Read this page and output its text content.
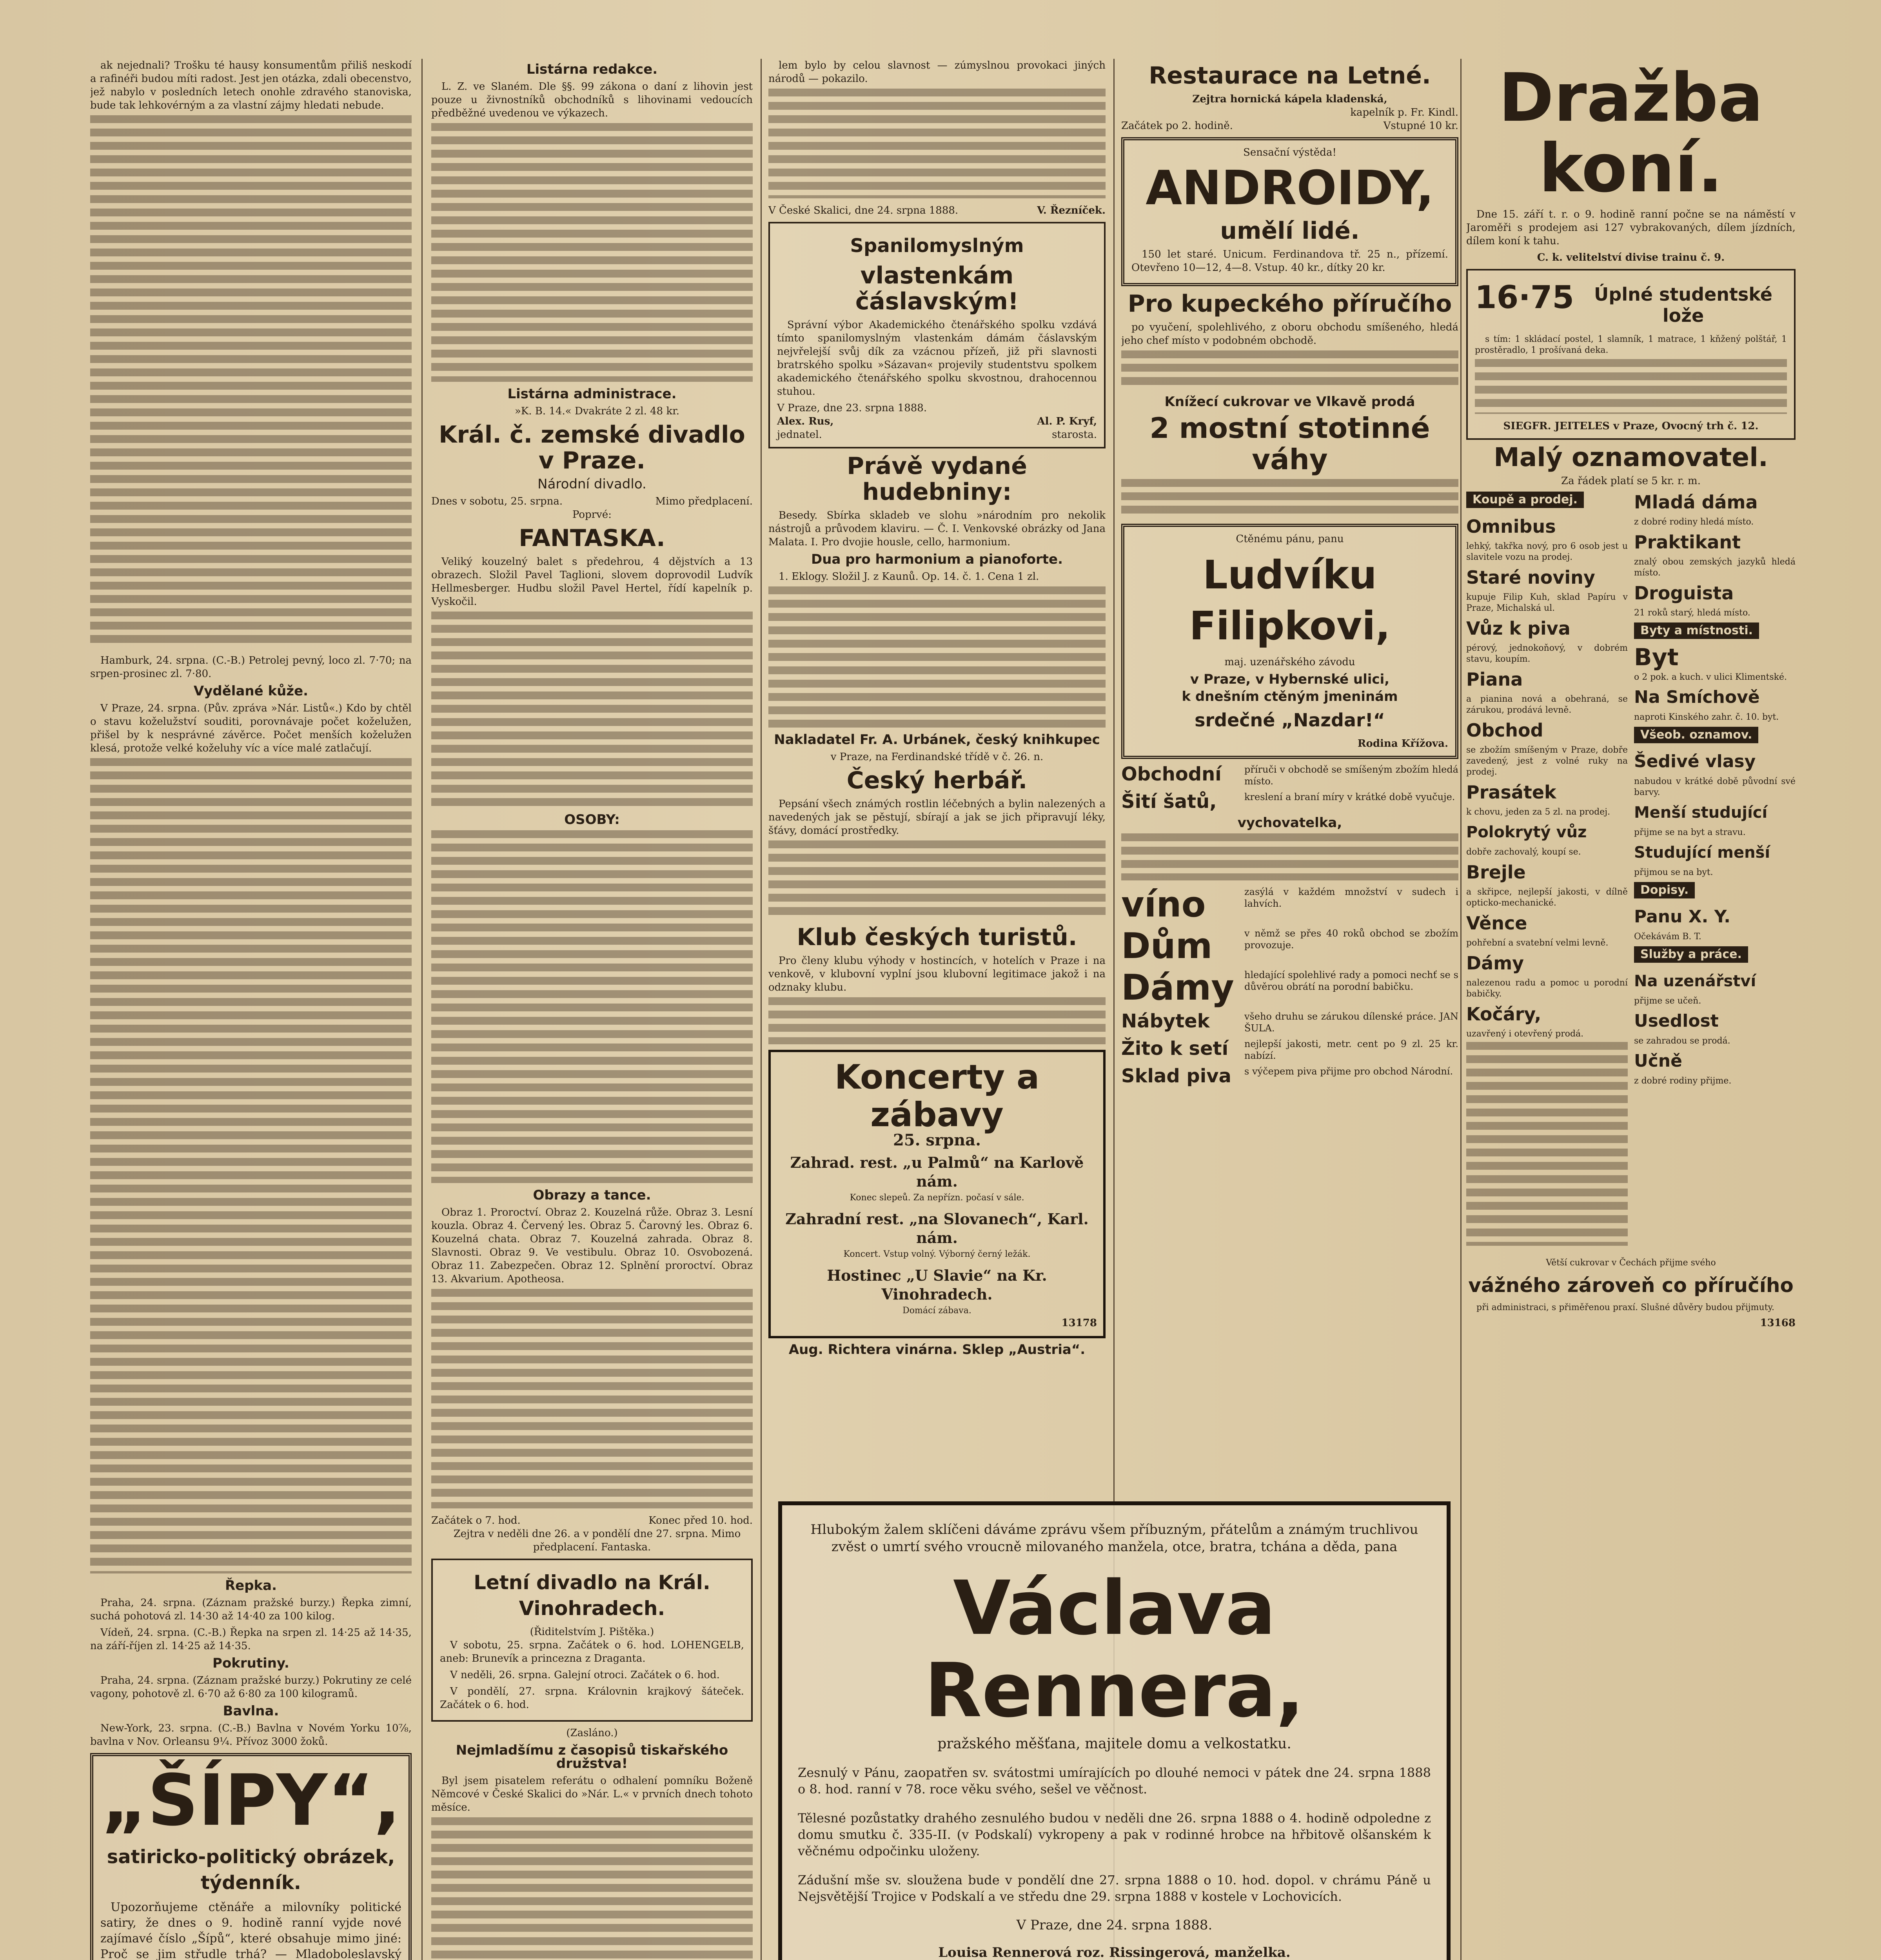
ak nejednali? Trošku té hausy konsumentům přiliš neskodí a rafinéři budou míti radost. Jest jen otázka, zdali obecenstvo, jež nabylo v posledních letech onohle zdravého stanoviska, bude tak lehkovérným a za vlastní zájmy hledati nebude.

Hamburk, 24. srpna. (C.-B.) Petrolej pevný, loco zl. 7·70; na srpen-prosinec zl. 7·80.

Vydělané kůže.

V Praze, 24. srpna. (Pův. zpráva »Nár. Listů«.) Kdo by chtěl o stavu koželužství souditi, porovnávaje počet koželužen, přišel by k nesprávné závěrce. Počet menších koželužen klesá, protože velké koželuhy víc a více malé zatlačují.

Řepka.

Praha, 24. srpna. (Záznam pražské burzy.) Řepka zimní, suchá pohotová zl. 14·30 až 14·40 za 100 kilog.

Vídeň, 24. srpna. (C.-B.) Řepka na srpen zl. 14·25 až 14·35, na září-říjen zl. 14·25 až 14·35.

Pokrutiny.

Praha, 24. srpna. (Záznam pražské burzy.) Pokrutiny ze celé vagony, pohotově zl. 6·70 až 6·80 za 100 kilogramů.

Bavlna.

New-York, 23. srpna. (C.-B.) Bavlna v Novém Yorku 10⅞, bavlna v Nov. Orleansu 9¼. Přívoz 3000 žoků.

„ŠÍPY“,
satiricko-politický obrázek, týdenník.

Upozorňujeme ctěnáře a milovníky politické satiry, že dnes o 9. hodině ranní vyjde nové zajímavé číslo „Šípů“, které obsahuje mimo jiné: Proč se jim střudle trhá? — Mladoboleslavský

Listárna redakce.

L. Z. ve Slaném. Dle §§. 99 zákona o daní z lihovin jest pouze u živnostníků obchodníků s lihovinami vedoucích předběžné uvedenou ve výkazech.

Listárna administrace.

»K. B. 14.« Dvakráte 2 zl. 48 kr.

Král. č. zemské divadlo v Praze.
Národní divadlo.
Dnes v sobotu, 25. srpna.	Mimo předplacení.
Poprvé:
FANTASKA.

Veliký kouzelný balet s předehrou, 4 dějstvích a 13 obrazech. Složil Pavel Taglioni, slovem doprovodil Ludvík Hellmesberger. Hudbu složil Pavel Hertel, řídí kapelník p. Vyskočil.

OSOBY:
Obrazy a tance.

Obraz 1. Proroctví. Obraz 2. Kouzelná růže. Obraz 3. Lesní kouzla. Obraz 4. Červený les. Obraz 5. Čarovný les. Obraz 6. Kouzelná chata. Obraz 7. Kouzelná zahrada. Obraz 8. Slavnosti. Obraz 9. Ve vestibulu. Obraz 10. Osvobozená. Obraz 11. Zabezpečen. Obraz 12. Splnění proroctví. Obraz 13. Akvarium. Apotheosa.

Začátek o 7. hod.	Konec před 10. hod.

Zejtra v neděli dne 26. a v pondělí dne 27. srpna. Mimo předplacení. Fantaska.

Letní divadlo na Král. Vinohradech.
(Řiditelstvím J. Pištěka.)

V sobotu, 25. srpna. Začátek o 6. hod. LOHENGELB, aneb: Brunevík a princezna z Draganta.

V neděli, 26. srpna. Galejní otroci. Začátek o 6. hod.

V pondělí, 27. srpna. Královnin krajkový šáteček. Začátek o 6. hod.

(Zasláno.)
Nejmladšímu z časopisů tiskařského družstva!

Byl jsem pisatelem referátu o odhalení pomníku Boženě Němcové v České Skalici do »Nár. L.« v prvních dnech tohoto měsíce.

lem bylo by celou slavnost — zúmyslnou provokaci jiných národů — pokazilo.

V České Skalici, dne 24. srpna 1888.	V. Řezníček.
Spanilomyslným
vlastenkám čáslavským!

Správní výbor Akademického čtenářského spolku vzdává tímto spanilomyslným vlastenkám dámám čáslavským nejvřelejší svůj dík za vzácnou přízeň, již při slavnosti bratrského spolku »Sázavan« projevily studentstvu spolkem akademického čtenářského spolku skvostnou, drahocennou stuhou.

V Praze, dne 23. srpna 1888.
Alex. Rus,	Al. P. Kryf,
jednatel.	starosta.
Právě vydané hudebniny:

Besedy. Sbírka skladeb ve slohu »národním pro nekolik nástrojů a průvodem klaviru. — Č. I. Venkovské obrázky od Jana Malata. I. Pro dvojie housle, cello, harmonium.

Dua pro harmonium a pianoforte.

1. Eklogy. Složil J. z Kaunů. Op. 14. č. 1. Cena 1 zl.

Nakladatel Fr. A. Urbánek, český knihkupec
v Praze, na Ferdinandské třídě v č. 26. n.
Český herbář.

Pepsání všech známých rostlin léčebných a bylin nalezených a navedených jak se pěstují, sbírají a jak se jich připravují léky, šťávy, domácí prostředky.

Klub českých turistů.

Pro členy klubu výhody v hostincích, v hotelích v Praze i na venkově, v klubovní vyplní jsou klubovní legitimace jakož i na odznaky klubu.

Koncerty a zábavy
25. srpna.
Zahrad. rest. „u Palmů“ na Karlově nám.
Konec slepeů. Za nepřízn. počasí v sále.
Zahradní rest. „na Slovanech“, Karl. nám.
Koncert. Vstup volný. Výborný černý ležák.
Hostinec „U Slavie“ na Kr. Vinohradech.
Domácí zábava.
13178
Aug. Richtera vinárna. Sklep „Austria“.
Restaurace na Letné.
Zejtra hornická kápela kladenská,
kapelník p. Fr. Kindl.
Začátek po 2. hodině.	Vstupné 10 kr.
Sensační výstěda!
ANDROIDY,
umělí lidé.

150 let staré. Unicum. Ferdinandova tř. 25 n., přízemí. Otevřeno 10—12, 4—8. Vstup. 40 kr., dítky 20 kr.

Pro kupeckého příručího

po vyučení, spolehlivého, z oboru obchodu smíšeného, hledá jeho chef místo v podobném obchodě.

Knížecí cukrovar ve Vlkavě prodá
2 mostní stotinné váhy
Ctěnému pánu, panu
Ludvíku Filipkovi,
maj. uzenářského závodu
v Praze, v Hybernské ulici,
k dnešním ctěným jmeninám
srdečné „Nazdar!“
Rodina Křížova.
Obchodní	příruči v obchodě se smíšeným zbožím hledá místo.
Šití šatů,	kreslení a braní míry v krátké době vyučuje.
vychovatelka,
víno	zasýlá v každém množství v sudech i lahvích.
Dům	v němž se přes 40 roků obchod se zbožím provozuje.
Dámy	hledající spolehlivé rady a pomoci nechť se s důvěrou obrátí na porodní babičku.
Nábytek	všeho druhu se zárukou dílenské práce. JAN ŠULA.
Žito k setí	nejlepší jakosti, metr. cent po 9 zl. 25 kr. nabízí.
Sklad piva	s výčepem piva přijme pro obchod Národní.
Dražba koní.

Dne 15. září t. r. o 9. hodině ranní počne se na náměstí v Jaroměři s prodejem asi 127 vybrakovaných, dílem jízdních, dílem koní k tahu.

C. k. velitelství divise trainu č. 9.
16·75	Úplné studentské lože

s tím: 1 skládací postel, 1 slamník, 1 matrace, 1 kňžený polštář, 1 prostěradlo, 1 prošívaná deka.

SIEGFR. JEITELES v Praze, Ovocný trh č. 12.
Malý oznamovatel.
Za řádek platí se 5 kr. r. m.
Koupě a prodej.
Omnibus
lehký, takřka nový, pro 6 osob jest u slavitele vozu na prodej.
Staré noviny
kupuje Filip Kuh, sklad Papíru v Praze, Michalská ul.
Vůz k piva
pérový, jednokoňový, v dobrém stavu, koupím.
Piana
a pianina nová a obehraná, se zárukou, prodává levně.
Obchod
se zbožím smíšeným v Praze, dobře zavedený, jest z volné ruky na prodej.
Prasátek
k chovu, jeden za 5 zl. na prodej.
Polokrytý vůz
dobře zachovalý, koupí se.
Brejle
a skřipce, nejlepší jakosti, v dílně opticko-mechanické.
Věnce
pohřební a svatební velmi levně.
Dámy
nalezenou radu a pomoc u porodní babičky.
Kočáry,
uzavřený i otevřený prodá.
Mladá dáma
z dobré rodiny hledá místo.
Praktikant
znalý obou zemských jazyků hledá místo.
Droguista
21 roků starý, hledá místo.
Byty a místnosti.
Byt
o 2 pok. a kuch. v ulici Klimentské.
Na Smíchově
naproti Kinského zahr. č. 10. byt.
Všeob. oznamov.
Šedivé vlasy
nabudou v krátké době původní své barvy.
Menší studující
přijme se na byt a stravu.
Studující menší
přijmou se na byt.
Dopisy.
Panu X. Y.
Očekávám B. T.
Služby a práce.
Na uzenářství
přijme se učeň.
Usedlost
se zahradou se prodá.
Učně
z dobré rodiny přijme.
Větší cukrovar v Čechách přijme svého
vážného zároveň co příručího

při administraci, s přiměřenou praxí. Slušné důvěry budou přijmuty.

13168
Hlubokým žalem sklíčeni dáváme zprávu všem příbuzným, přátelům a známým truchlivou zvěst o umrtí svého vroucně milovaného manžela, otce, bratra, tchána a děda, pana
Václava Rennera,
pražského měšťana, majitele domu a velkostatku.

Zesnulý v Pánu, zaopatřen sv. svátostmi umírajících po dlouhé nemoci v pátek dne 24. srpna 1888 o 8. hod. ranní v 78. roce věku svého, sešel ve věčnost.

Tělesné pozůstatky drahého zesnulého budou v neděli dne 26. srpna 1888 o 4. hodině odpoledne z domu smutku č. 335-II. (v Podskalí) vykropeny a pak v rodinné hrobce na hřbitově olšanském k věčnému odpočinku uloženy.

Zádušní mše sv. sloužena bude v pondělí dne 27. srpna 1888 o 10. hod. dopol. v chrámu Páně u Nejsvětější Trojice v Podskalí a ve středu dne 29. srpna 1888 v kostele v Lochovicích.

V Praze, dne 24. srpna 1888.
Louisa Rennerová roz. Rissingerová, manželka.
